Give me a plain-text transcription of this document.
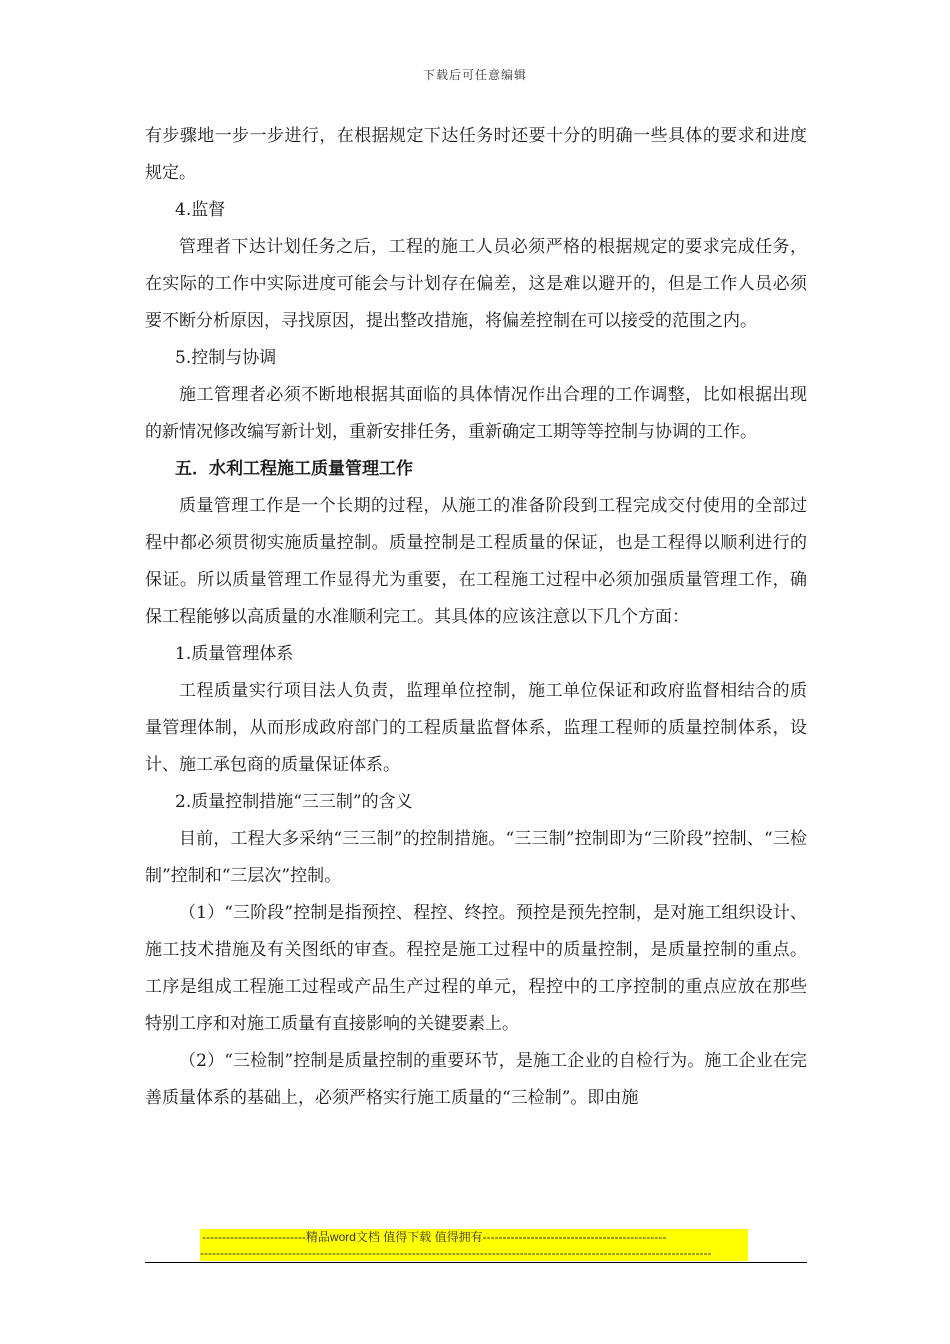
下载后可任意编辑

有步骤地一步一步进行，在根据规定下达任务时还要十分的明确一些具体的要求和进度规定。

4.监督

管理者下达计划任务之后，工程的施工人员必须严格的根据规定的要求完成任务，在实际的工作中实际进度可能会与计划存在偏差，这是难以避开的，但是工作人员必须要不断分析原因，寻找原因，提出整改措施，将偏差控制在可以接受的范围之内。

5.控制与协调

施工管理者必须不断地根据其面临的具体情况作出合理的工作调整，比如根据出现的新情况修改编写新计划，重新安排任务，重新确定工期等等控制与协调的工作。

五．水利工程施工质量管理工作

质量管理工作是一个长期的过程，从施工的准备阶段到工程完成交付使用的全部过程中都必须贯彻实施质量控制。质量控制是工程质量的保证，也是工程得以顺利进行的保证。所以质量管理工作显得尤为重要，在工程施工过程中必须加强质量管理工作，确保工程能够以高质量的水准顺利完工。其具体的应该注意以下几个方面：

1.质量管理体系

工程质量实行项目法人负责，监理单位控制，施工单位保证和政府监督相结合的质量管理体制，从而形成政府部门的工程质量监督体系，监理工程师的质量控制体系，设计、施工承包商的质量保证体系。

2.质量控制措施“三三制”的含义

目前，工程大多采纳“三三制”的控制措施。“三三制”控制即为“三阶段”控制、“三检制”控制和“三层次”控制。

（1）“三阶段”控制是指预控、程控、终控。预控是预先控制，是对施工组织设计、施工技术措施及有关图纸的审查。程控是施工过程中的质量控制，是质量控制的重点。工序是组成工程施工过程或产品生产过程的单元，程控中的工序控制的重点应放在那些特别工序和对施工质量有直接影响的关键要素上。

（2）“三检制”控制是质量控制的重要环节，是施工企业的自检行为。施工企业在完善质量体系的基础上，必须严格实行施工质量的“三检制”。即由施

--------------------------精品word文档 值得下载 值得拥有----------------------------------------------
--------------------------------------------------------------------------------------------------------------------------------
